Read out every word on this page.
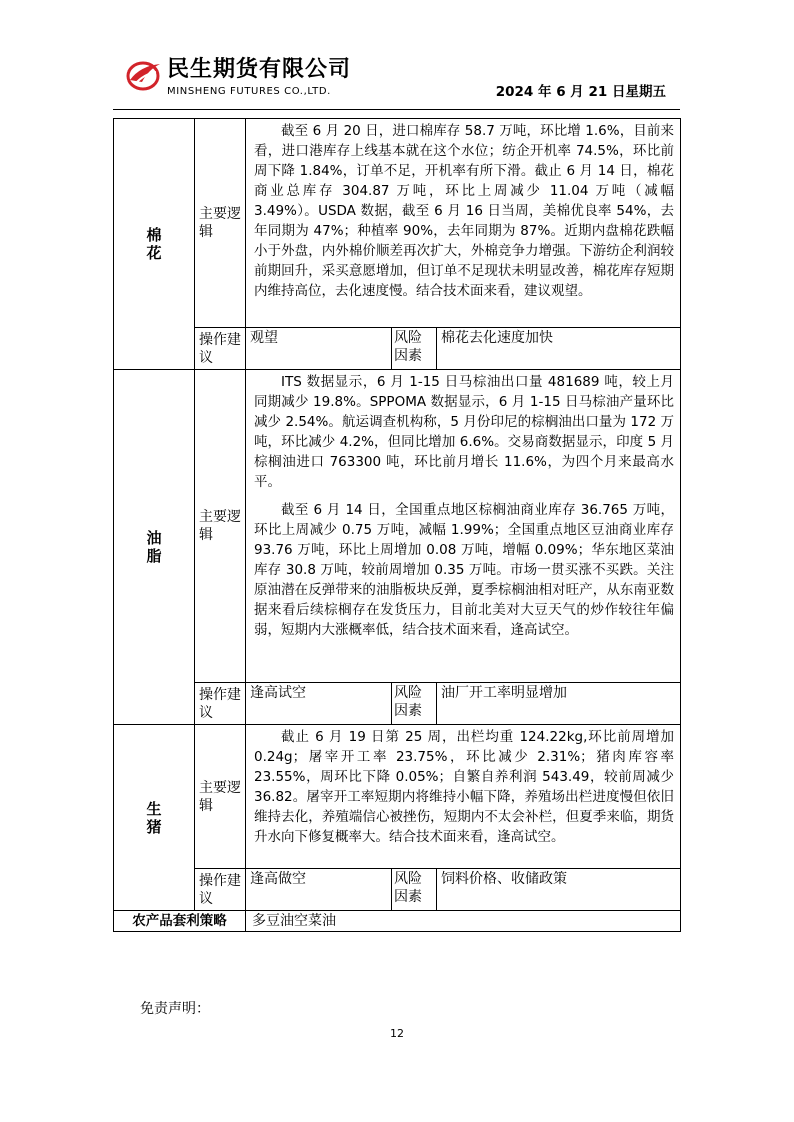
民生期货有限公司
MINSHENG FUTURES CO.,LTD.	2024 年 6 月 21 日星期五
棉花	主要逻辑	截至 6 月 20 日，进口棉库存 58.7 万吨，环比增 1.6%，目前来看，进口港库存上线基本就在这个水位；纺企开机率 74.5%，环比前周下降 1.84%，订单不足，开机率有所下滑。截止 6 月 14 日，棉花商业总库存 304.87 万吨，环比上周减少 11.04 万吨（减幅 3.49%）。USDA 数据，截至 6 月 16 日当周，美棉优良率 54%，去年同期为 47%；种植率 90%，去年同期为 87%。近期内盘棉花跌幅小于外盘，内外棉价顺差再次扩大，外棉竞争力增强。下游纺企利润较前期回升，采买意愿增加，但订单不足现状未明显改善，棉花库存短期内维持高位，去化速度慢。结合技术面来看，建议观望。		

	操作建议	观望	风险因素	棉花去化速度加快

油脂	主要逻辑	ITS 数据显示，6 月 1-15 日马棕油出口量 481689 吨，较上月同期减少 19.8%。SPPOMA 数据显示，6 月 1-15 日马棕油产量环比减少 2.54%。航运调查机构称，5 月份印尼的棕榈油出口量为 172 万吨，环比减少 4.2%，但同比增加 6.6%。交易商数据显示，印度 5 月棕榈油进口 763300 吨，环比前月增长 11.6%，为四个月来最高水平。

截至 6 月 14 日，全国重点地区棕榈油商业库存 36.765 万吨，环比上周减少 0.75 万吨，减幅 1.99%；全国重点地区豆油商业库存 93.76 万吨，环比上周增加 0.08 万吨，增幅 0.09%；华东地区菜油库存 30.8 万吨，较前周增加 0.35 万吨。市场一贯买涨不买跌。关注原油潜在反弹带来的油脂板块反弹，夏季棕榈油相对旺产，从东南亚数据来看后续棕榈存在发货压力，目前北美对大豆天气的炒作较往年偏弱，短期内大涨概率低，结合技术面来看，逢高试空。		

	操作建议	逢高试空	风险因素	油厂开工率明显增加

生猪	主要逻辑	截止 6 月 19 日第 25 周，出栏均重 124.22kg,环比前周增加 0.24g；屠宰开工率 23.75%，环比减少 2.31%；猪肉库容率 23.55%，周环比下降 0.05%；自繁自养利润 543.49，较前周减少 36.82。屠宰开工率短期内将维持小幅下降，养殖场出栏进度慢但依旧维持去化，养殖端信心被挫伤，短期内不太会补栏，但夏季来临，期货升水向下修复概率大。结合技术面来看，逢高试空。		

	操作建议	逢高做空	风险因素	饲料价格、收储政策
农产品套利策略		多豆油空菜油		
免责声明：
12
